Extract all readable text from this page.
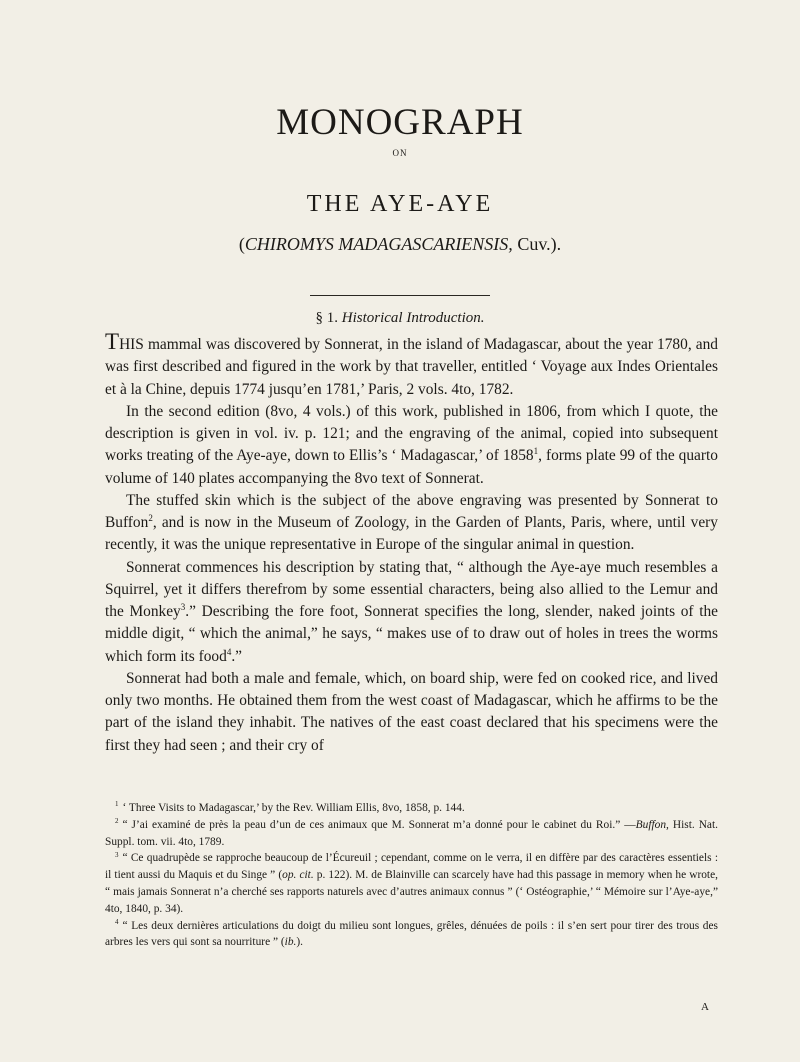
MONOGRAPH
ON
THE AYE-AYE
(CHIROMYS MADAGASCARIENSIS, Cuv.).
§ 1. Historical Introduction.

THIS mammal was discovered by Sonnerat, in the island of Madagascar, about the year 1780, and was first described and figured in the work by that traveller, entitled ‘ Voyage aux Indes Orientales et à la Chine, depuis 1774 jusqu’en 1781,’ Paris, 2 vols. 4to, 1782.

In the second edition (8vo, 4 vols.) of this work, published in 1806, from which I quote, the description is given in vol. iv. p. 121; and the engraving of the animal, copied into subsequent works treating of the Aye-aye, down to Ellis’s ‘ Madagascar,’ of 1858$^1$, forms plate 99 of the quarto volume of 140 plates accompanying the 8vo text of Sonnerat.

The stuffed skin which is the subject of the above engraving was presented by Sonnerat to Buffon$^2$, and is now in the Museum of Zoology, in the Garden of Plants, Paris, where, until very recently, it was the unique representative in Europe of the singular animal in question.

Sonnerat commences his description by stating that, “ although the Aye-aye much resembles a Squirrel, yet it differs therefrom by some essential characters, being also allied to the Lemur and the Monkey$^3$.” Describing the fore foot, Sonnerat specifies the long, slender, naked joints of the middle digit, “ which the animal,” he says, “ makes use of to draw out of holes in trees the worms which form its food$^4$.”

Sonnerat had both a male and female, which, on board ship, were fed on cooked rice, and lived only two months. He obtained them from the west coast of Madagascar, which he affirms to be the part of the island they inhabit. The natives of the east coast declared that his specimens were the first they had seen ; and their cry of

$^1$ ‘ Three Visits to Madagascar,’ by the Rev. William Ellis, 8vo, 1858, p. 144.

$^2$ “ J’ai examiné de près la peau d’un de ces animaux que M. Sonnerat m’a donné pour le cabinet du Roi.” —Buffon, Hist. Nat. Suppl. tom. vii. 4to, 1789.

$^3$ “ Ce quadrupède se rapproche beaucoup de l’Écureuil ; cependant, comme on le verra, il en diffère par des caractères essentiels : il tient aussi du Maquis et du Singe ” (op. cit. p. 122). M. de Blainville can scarcely have had this passage in memory when he wrote, “ mais jamais Sonnerat n’a cherché ses rapports naturels avec d’autres animaux connus ” (‘ Ostéographie,’ “ Mémoire sur l’Aye-aye,” 4to, 1840, p. 34).

$^4$ “ Les deux dernières articulations du doigt du milieu sont longues, grêles, dénuées de poils : il s’en sert pour tirer des trous des arbres les vers qui sont sa nourriture ” (ib.).

A
